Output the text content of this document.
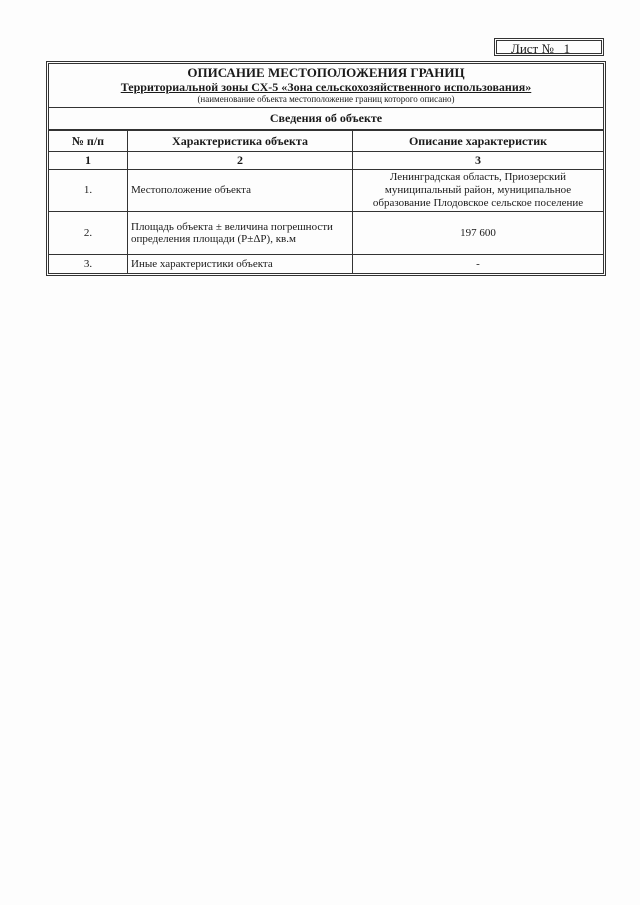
Лист № 1
ОПИСАНИЕ МЕСТОПОЛОЖЕНИЯ ГРАНИЦ
Территориальной зоны СХ-5 «Зона сельскохозяйственного использования»
(наименование объекта местоположение границ которого описано)
Сведения об объекте
№ п/п	Характеристика объекта	Описание характеристик
1	2	3
1.	Местоположение объекта	Ленинградская область, Приозерский муниципальный район, муниципальное образование Плодовское сельское поселение
2.	Площадь объекта ± величина погрешности определения площади (Р±ΔР), кв.м	197 600
3.	Иные характеристики объекта	-
